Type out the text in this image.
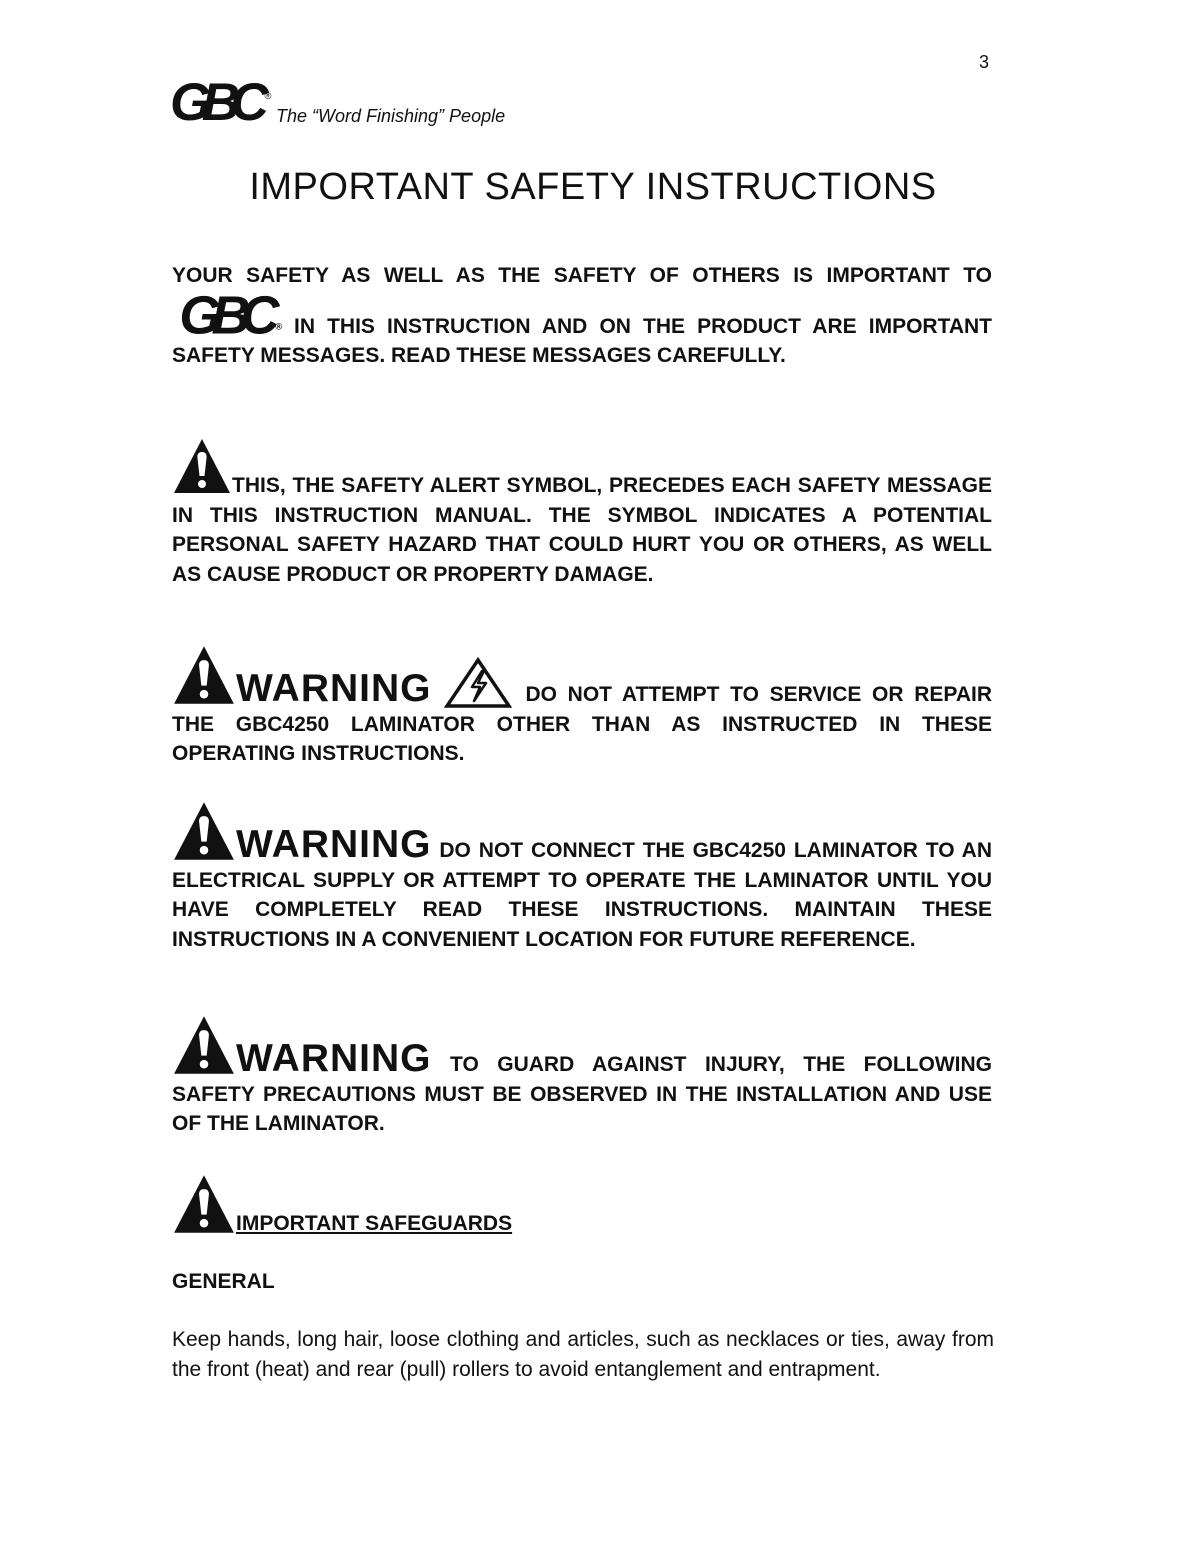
3
®
The “Word Finishing” People
IMPORTANT SAFETY INSTRUCTIONS
YOUR SAFETY AS WELL AS THE SAFETY OF OTHERS IS IMPORTANT TO
® IN THIS INSTRUCTION AND ON THE PRODUCT ARE IMPORTANT SAFETY MESSAGES. READ THESE MESSAGES CAREFULLY.
THIS, THE SAFETY ALERT SYMBOL, PRECEDES EACH SAFETY MESSAGE IN THIS INSTRUCTION MANUAL. THE SYMBOL INDICATES A POTENTIAL PERSONAL SAFETY HAZARD THAT COULD HURT YOU OR OTHERS, AS WELL AS CAUSE PRODUCT OR PROPERTY DAMAGE.
WARNING	DO NOT ATTEMPT TO SERVICE OR REPAIR THE GBC4250 LAMINATOR OTHER THAN AS INSTRUCTED IN THESE OPERATING INSTRUCTIONS.
WARNING DO NOT CONNECT THE GBC4250 LAMINATOR TO AN ELECTRICAL SUPPLY OR ATTEMPT TO OPERATE THE LAMINATOR UNTIL YOU HAVE COMPLETELY READ THESE INSTRUCTIONS. MAINTAIN THESE INSTRUCTIONS IN A CONVENIENT LOCATION FOR FUTURE REFERENCE.
WARNING TO GUARD AGAINST INJURY, THE FOLLOWING SAFETY PRECAUTIONS MUST BE OBSERVED IN THE INSTALLATION AND USE OF THE LAMINATOR.
IMPORTANT SAFEGUARDS
GENERAL
Keep hands, long hair, loose clothing and articles, such as necklaces or ties, away from the front (heat) and rear (pull) rollers to avoid entanglement and entrapment.
